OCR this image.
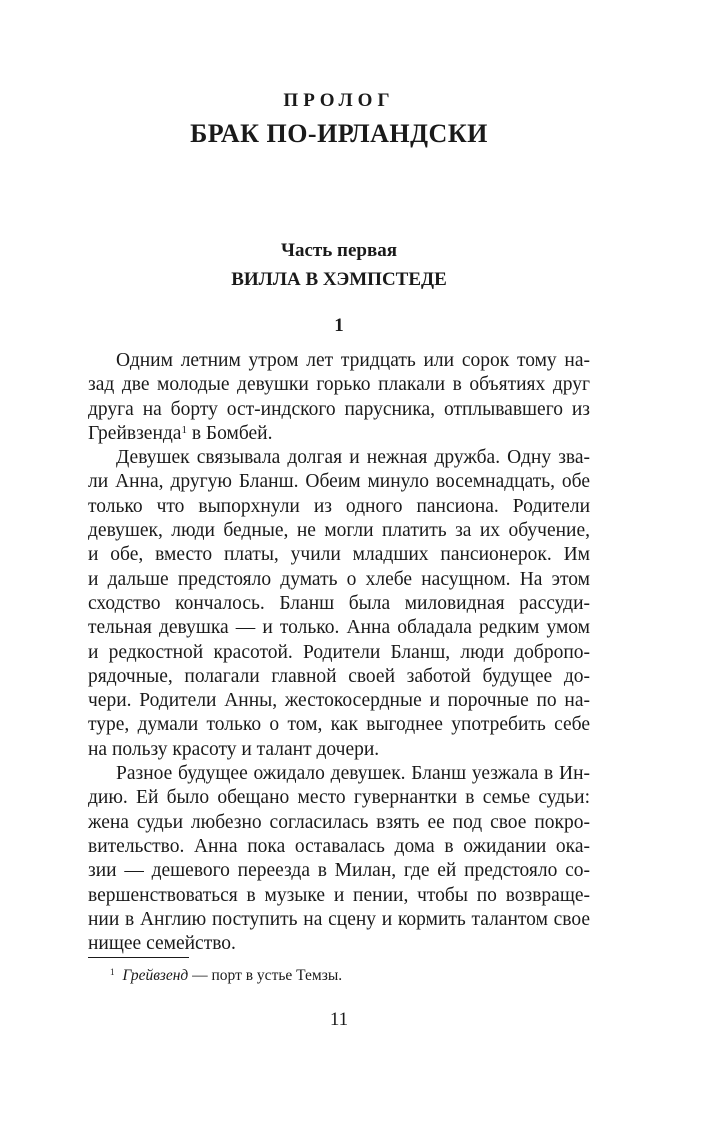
ПРОЛОГ
БРАК ПО-ИРЛАНДСКИ
Часть первая
ВИЛЛА В ХЭМПСТЕДЕ
1
Одним летним утром лет тридцать или сорок тому на-
зад две молодые девушки горько плакали в объятиях друг
друга на борту ост-индского парусника, отплывавшего из
Грейвзенда$^1$ в Бомбей.
Девушек связывала долгая и нежная дружба. Одну зва-
ли Анна, другую Бланш. Обеим минуло восемнадцать, обе
только что выпорхнули из одного пансиона. Родители
девушек, люди бедные, не могли платить за их обучение,
и обе, вместо платы, учили младших пансионерок. Им
и дальше предстояло думать о хлебе насущном. На этом
сходство кончалось. Бланш была миловидная рассуди-
тельная девушка — и только. Анна обладала редким умом
и редкостной красотой. Родители Бланш, люди добропо-
рядочные, полагали главной своей заботой будущее до-
чери. Родители Анны, жестокосердные и порочные по на-
туре, думали только о том, как выгоднее употребить себе
на пользу красоту и талант дочери.
Разное будущее ожидало девушек. Бланш уезжала в Ин-
дию. Ей было обещано место гувернантки в семье судьи:
жена судьи любезно согласилась взять ее под свое покро-
вительство. Анна пока оставалась дома в ожидании ока-
зии — дешевого переезда в Милан, где ей предстояло со-
вершенствоваться в музыке и пении, чтобы по возвраще-
нии в Англию поступить на сцену и кормить талантом свое
нищее семейство.
$^1$ Грейвзенд — порт в устье Темзы.
11
